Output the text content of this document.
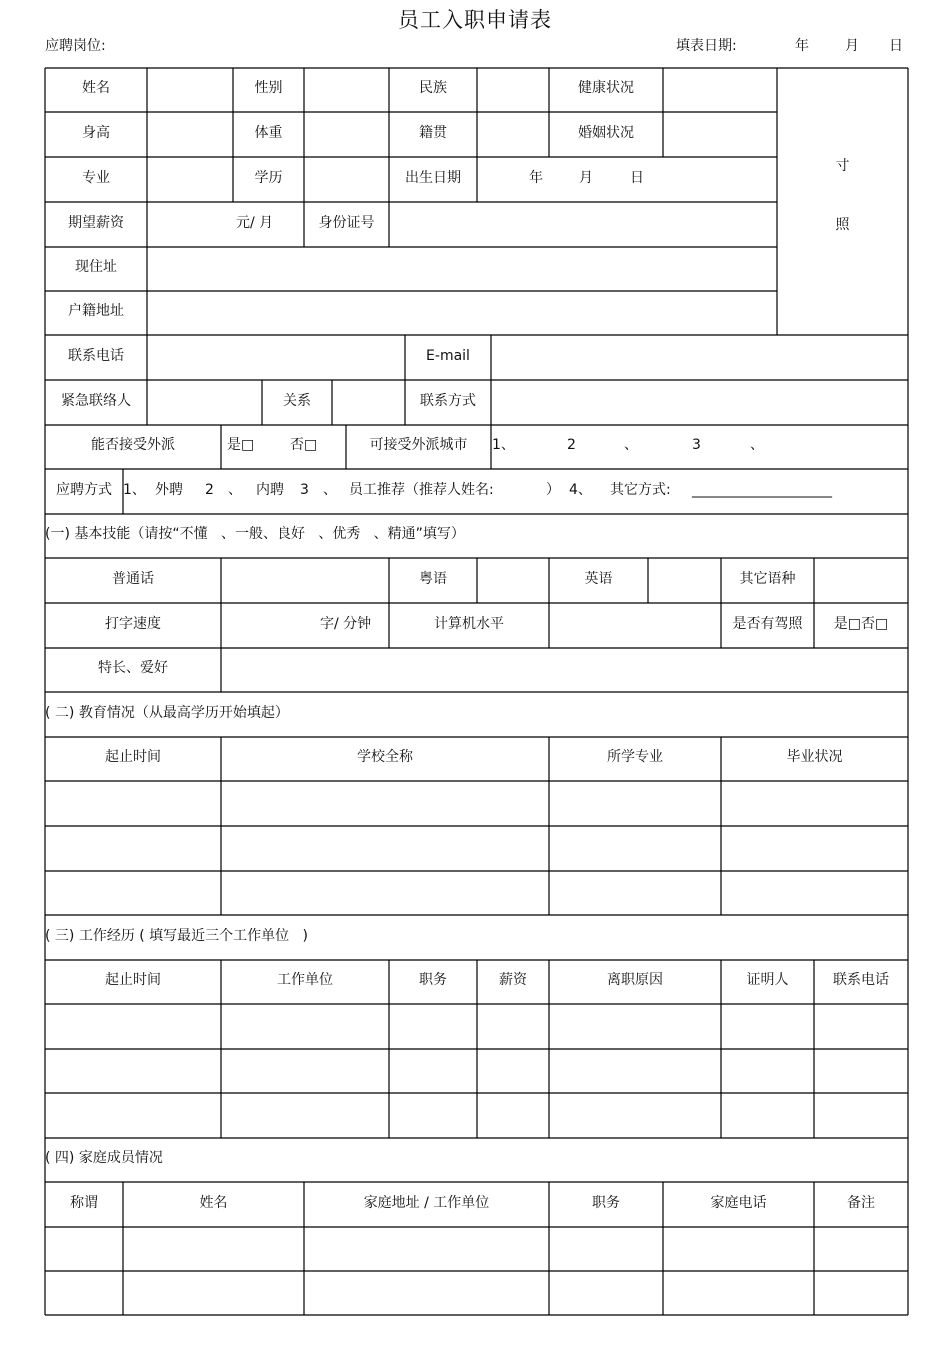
员工入职申请表
应聘岗位:	填表日期:	年	月 日
姓名	性别	民族	健康状况
身高	体重	籍贯	婚姻状况
专业	学历	出生日期	年	月	日
期望薪资	元/ 月	身份证号
现住址
户籍地址
寸
照
联系电话	E-mail
紧急联络人	关系	联系方式
能否接受外派	是□	否□	可接受外派城市	1、	2	、	3	、
应聘方式 1、 外聘	2 、 内聘	3 、 员工推荐（推荐人姓名:	） 4、 其它方式:	____________________
(一) 基本技能（请按“不懂   、一般、良好   、优秀   、精通”填写）
普通话	粤语	英语	其它语种
打字速度	字/ 分钟	计算机水平	是否有驾照	是□否□
特长、爱好
( 二) 教育情况（从最高学历开始填起）
起止时间	学校全称	所学专业	毕业状况
( 三) 工作经历 ( 填写最近三个工作单位   )
起止时间	工作单位	职务	薪资	离职原因	证明人	联系电话
( 四) 家庭成员情况
称谓	姓名	家庭地址 / 工作单位	职务	家庭电话	备注
